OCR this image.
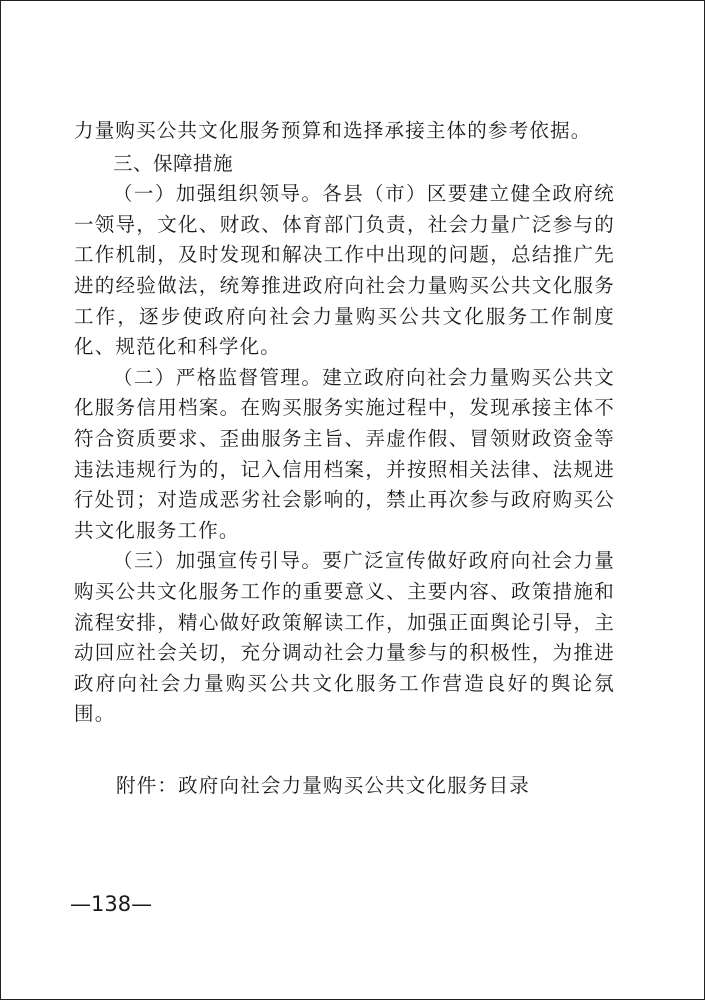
力量购买公共文化服务预算和选择承接主体的参考依据。

三、保障措施

（一）加强组织领导。各县（市）区要建立健全政府统一领导，文化、财政、体育部门负责，社会力量广泛参与的工作机制，及时发现和解决工作中出现的问题，总结推广先进的经验做法，统筹推进政府向社会力量购买公共文化服务工作，逐步使政府向社会力量购买公共文化服务工作制度化、规范化和科学化。

（二）严格监督管理。建立政府向社会力量购买公共文化服务信用档案。在购买服务实施过程中，发现承接主体不符合资质要求、歪曲服务主旨、弄虚作假、冒领财政资金等违法违规行为的，记入信用档案，并按照相关法律、法规进行处罚；对造成恶劣社会影响的，禁止再次参与政府购买公共文化服务工作。

（三）加强宣传引导。要广泛宣传做好政府向社会力量购买公共文化服务工作的重要意义、主要内容、政策措施和流程安排，精心做好政策解读工作，加强正面舆论引导，主动回应社会关切，充分调动社会力量参与的积极性，为推进政府向社会力量购买公共文化服务工作营造良好的舆论氛围。

附件：政府向社会力量购买公共文化服务目录
—138—
